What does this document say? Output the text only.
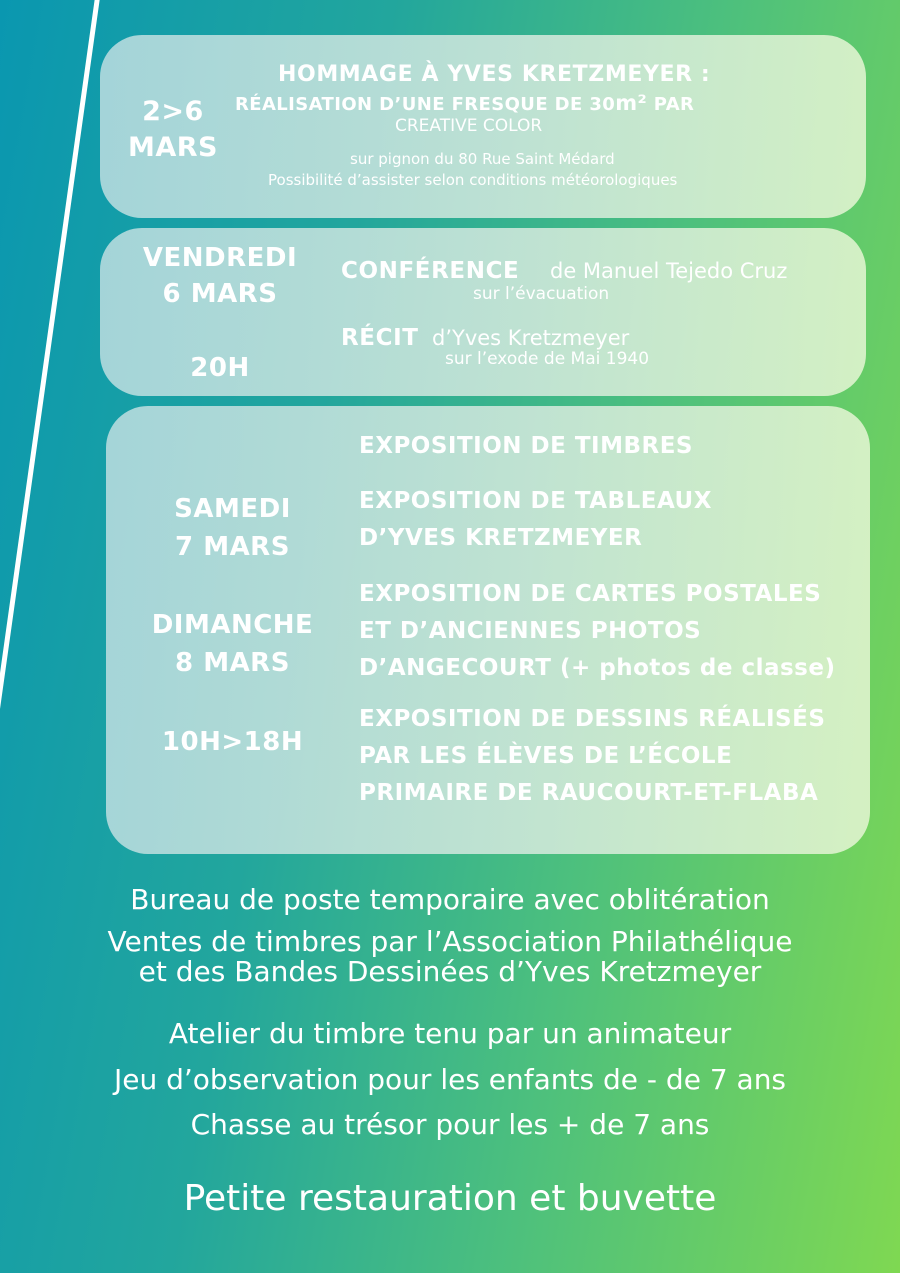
2>6
MARS
HOMMAGE À YVES KRETZMEYER :
RÉALISATION D’UNE FRESQUE DE 30m² PAR
CREATIVE COLOR
sur pignon du 80 Rue Saint Médard
Possibilité d’assister selon conditions météorologiques
VENDREDI
6 MARS
20H
CONFÉRENCE de Manuel Tejedo Cruz
sur l’évacuation
RÉCIT d’Yves Kretzmeyer
sur l’exode de Mai 1940
SAMEDI
7 MARS
DIMANCHE
8 MARS
10H>18H
EXPOSITION DE TIMBRES
EXPOSITION DE TABLEAUX
D’YVES KRETZMEYER
EXPOSITION DE CARTES POSTALES
ET D’ANCIENNES PHOTOS
D’ANGECOURT (+ photos de classe)
EXPOSITION DE DESSINS RÉALISÉS
PAR LES ÉLÈVES DE L’ÉCOLE
PRIMAIRE DE RAUCOURT-ET-FLABA
Bureau de poste temporaire avec oblitération
Ventes de timbres par l’Association Philathélique
et des Bandes Dessinées d’Yves Kretzmeyer
Atelier du timbre tenu par un animateur
Jeu d’observation pour les enfants de - de 7 ans
Chasse au trésor pour les + de 7 ans
Petite restauration et buvette
